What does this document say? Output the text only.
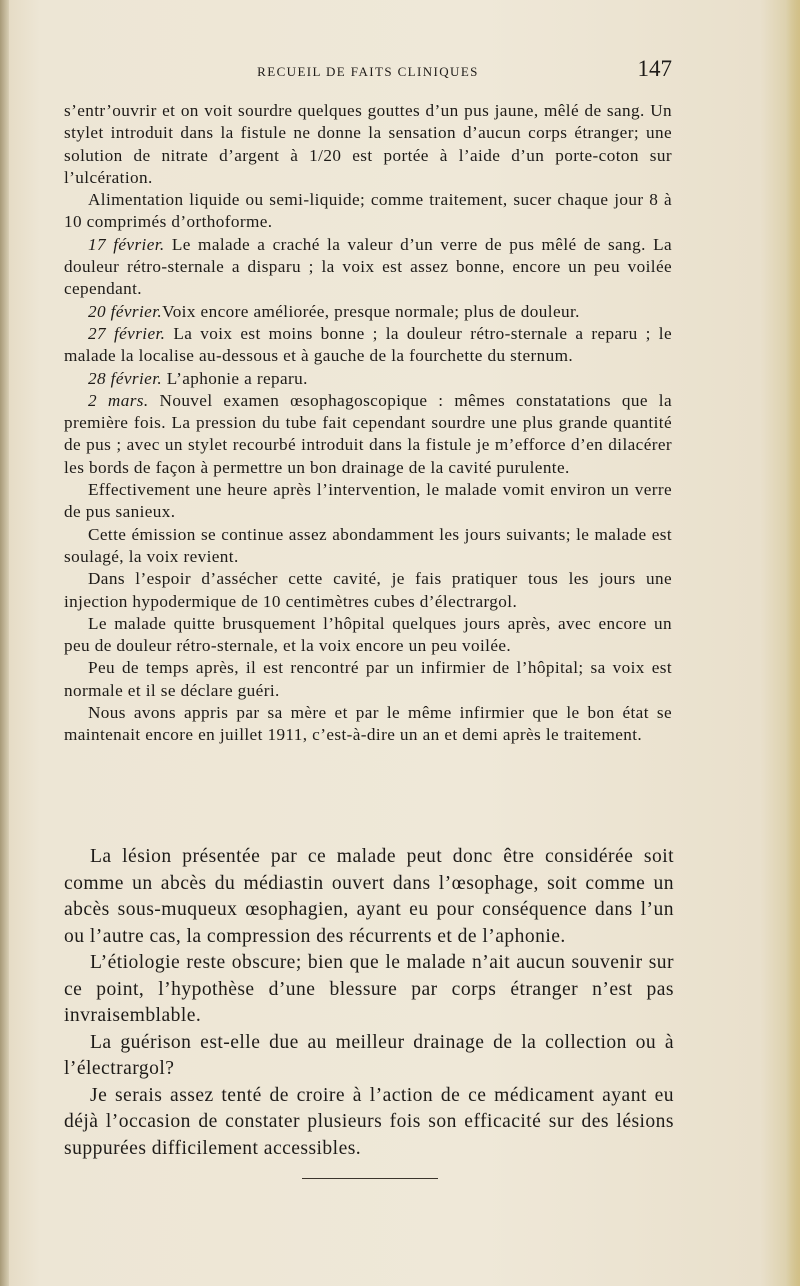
RECUEIL DE FAITS CLINIQUES	147

s’entr’ouvrir et on voit sourdre quelques gouttes d’un pus jaune, mêlé de sang. Un stylet introduit dans la fistule ne donne la sensation d’aucun corps étranger; une solution de nitrate d’argent à 1/20 est portée à l’aide d’un porte-coton sur l’ulcération.

Alimentation liquide ou semi-liquide; comme traitement, sucer chaque jour 8 à 10 comprimés d’orthoforme.

17 février. Le malade a craché la valeur d’un verre de pus mêlé de sang. La douleur rétro-sternale a disparu ; la voix est assez bonne, encore un peu voilée cependant.

20 février.Voix encore améliorée, presque normale; plus de douleur.

27 février. La voix est moins bonne ; la douleur rétro-sternale a reparu ; le malade la localise au-dessous et à gauche de la fourchette du sternum.

28 février. L’aphonie a reparu.

2 mars. Nouvel examen œsophagoscopique : mêmes constatations que la première fois. La pression du tube fait cependant sourdre une plus grande quantité de pus ; avec un stylet recourbé introduit dans la fistule je m’efforce d’en dilacérer les bords de façon à permettre un bon drainage de la cavité purulente.

Effectivement une heure après l’intervention, le malade vomit environ un verre de pus sanieux.

Cette émission se continue assez abondamment les jours suivants; le malade est soulagé, la voix revient.

Dans l’espoir d’assécher cette cavité, je fais pratiquer tous les jours une injection hypodermique de 10 centimètres cubes d’électrargol.

Le malade quitte brusquement l’hôpital quelques jours après, avec encore un peu de douleur rétro-sternale, et la voix encore un peu voilée.

Peu de temps après, il est rencontré par un infirmier de l’hôpital; sa voix est normale et il se déclare guéri.

Nous avons appris par sa mère et par le même infirmier que le bon état se maintenait encore en juillet 1911, c’est-à-dire un an et demi après le traitement.

La lésion présentée par ce malade peut donc être considérée soit comme un abcès du médiastin ouvert dans l’œsophage, soit comme un abcès sous-muqueux œsophagien, ayant eu pour conséquence dans l’un ou l’autre cas, la compression des récurrents et de l’aphonie.

L’étiologie reste obscure; bien que le malade n’ait aucun souvenir sur ce point, l’hypothèse d’une blessure par corps étranger n’est pas invraisemblable.

La guérison est-elle due au meilleur drainage de la collection ou à l’électrargol?

Je serais assez tenté de croire à l’action de ce médicament ayant eu déjà l’occasion de constater plusieurs fois son efficacité sur des lésions suppurées difficilement accessibles.
